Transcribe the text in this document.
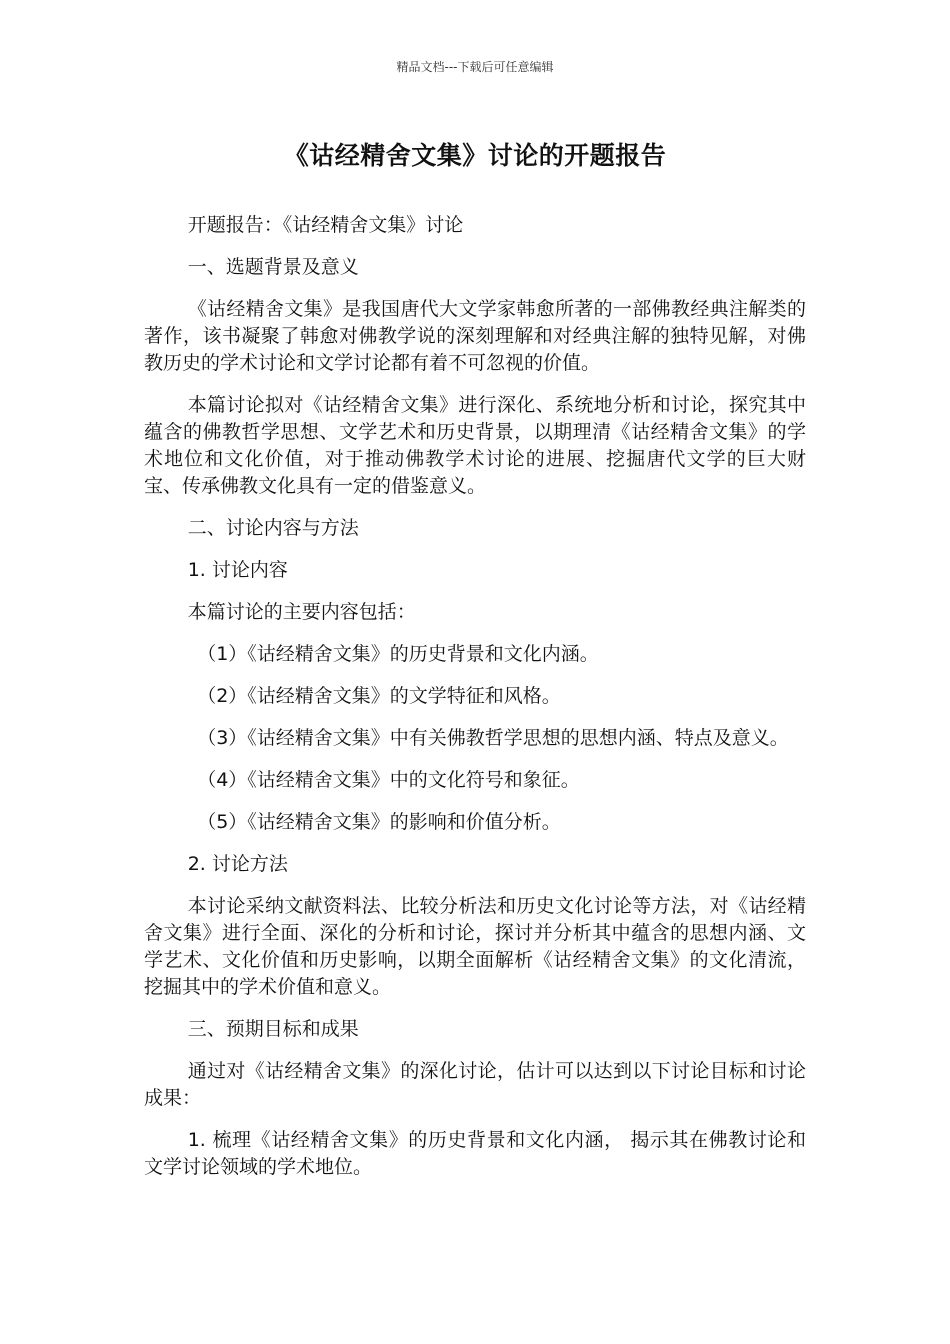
精品文档---下载后可任意编辑
《诂经精舍文集》讨论的开题报告

开题报告：《诂经精舍文集》讨论

一、选题背景及意义

《诂经精舍文集》是我国唐代大文学家韩愈所著的一部佛教经典注解类的著作，该书凝聚了韩愈对佛教学说的深刻理解和对经典注解的独特见解，对佛教历史的学术讨论和文学讨论都有着不可忽视的价值。

本篇讨论拟对《诂经精舍文集》进行深化、系统地分析和讨论，探究其中蕴含的佛教哲学思想、文学艺术和历史背景，以期理清《诂经精舍文集》的学术地位和文化价值，对于推动佛教学术讨论的进展、挖掘唐代文学的巨大财宝、传承佛教文化具有一定的借鉴意义。

二、讨论内容与方法

1. 讨论内容

本篇讨论的主要内容包括：

（1）《诂经精舍文集》的历史背景和文化内涵。

（2）《诂经精舍文集》的文学特征和风格。

（3）《诂经精舍文集》中有关佛教哲学思想的思想内涵、特点及意义。

（4）《诂经精舍文集》中的文化符号和象征。

（5）《诂经精舍文集》的影响和价值分析。

2. 讨论方法

本讨论采纳文献资料法、比较分析法和历史文化讨论等方法，对《诂经精舍文集》进行全面、深化的分析和讨论，探讨并分析其中蕴含的思想内涵、文学艺术、文化价值和历史影响，以期全面解析《诂经精舍文集》的文化清流，挖掘其中的学术价值和意义。

三、预期目标和成果

通过对《诂经精舍文集》的深化讨论，估计可以达到以下讨论目标和讨论成果：

1. 梳理《诂经精舍文集》的历史背景和文化内涵， 揭示其在佛教讨论和文学讨论领域的学术地位。
